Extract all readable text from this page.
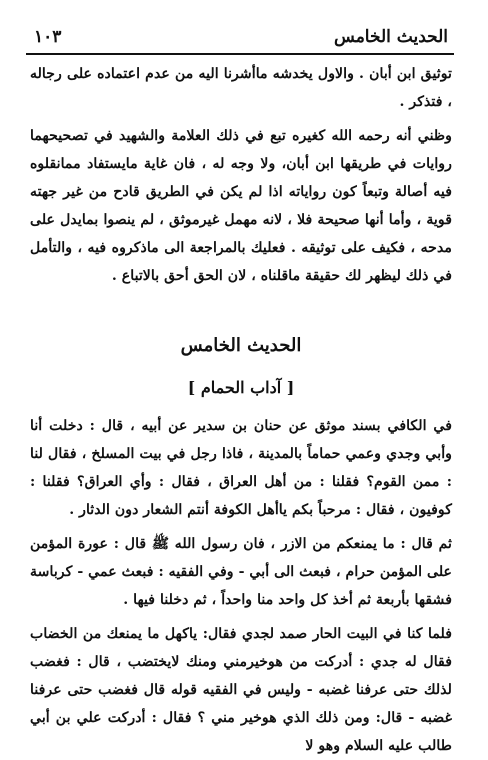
الحديث الخامس
١٠٣

توثيق ابن أبان . والاول يخدشه ماأشرنا اليه من عدم اعتماده على رجاله ، فتذكر .

وظني أنه رحمه الله كغيره تبع في ذلك العلامة والشهيد في تصحيحهما روايات في طريقها ابن أبان، ولا وجه له ، فان غاية مايستفاد ممانقلوه فيه أصالة وتبعاً كون رواياته اذا لم يكن في الطريق قادح من غير جهته قوية ، وأما أنها صحيحة فلا ، لانه مهمل غيرموثق ، لم ينصوا بمايدل على مدحه ، فكيف على توثيقه . فعليك بالمراجعة الى ماذكروه فيه ، والتأمل في ذلك ليظهر لك حقيقة ماقلناه ، لان الحق أحق بالاتباع .

الحديث الخامس
[ آداب الحمام ]

في الكافي بسند موثق عن حنان بن سدير عن أبيه ، قال : دخلت أنا وأبي وجدي وعمي حماماً بالمدينة ، فاذا رجل في بيت المسلخ ، فقال لنا : ممن القوم؟ فقلنا : من أهل العراق ، فقال : وأي العراق؟ فقلنا : كوفيون ، فقال : مرحباً بكم ياأهل الكوفة أنتم الشعار دون الدثار .

ثم قال : ما يمنعكم من الازر ، فان رسول الله ﷺ قال : عورة المؤمن على المؤمن حرام ، فبعث الى أبي - وفي الفقيه : فبعث عمي - كرباسة فشقها بأربعة ثم أخذ كل واحد منا واحداً ، ثم دخلنا فيها .

فلما كنا في البيت الحار صمد لجدي فقال: ياكهل ما يمنعك من الخضاب فقال له جدي : أدركت من هوخيرمني ومنك لايختضب ، قال : فغضب لذلك حتى عرفنا غضبه - وليس في الفقيه قوله قال فغضب حتى عرفنا غضبه - قال: ومن ذلك الذي هوخير مني ؟ فقال : أدركت علي بن أبي طالب عليه السلام وهو لا
